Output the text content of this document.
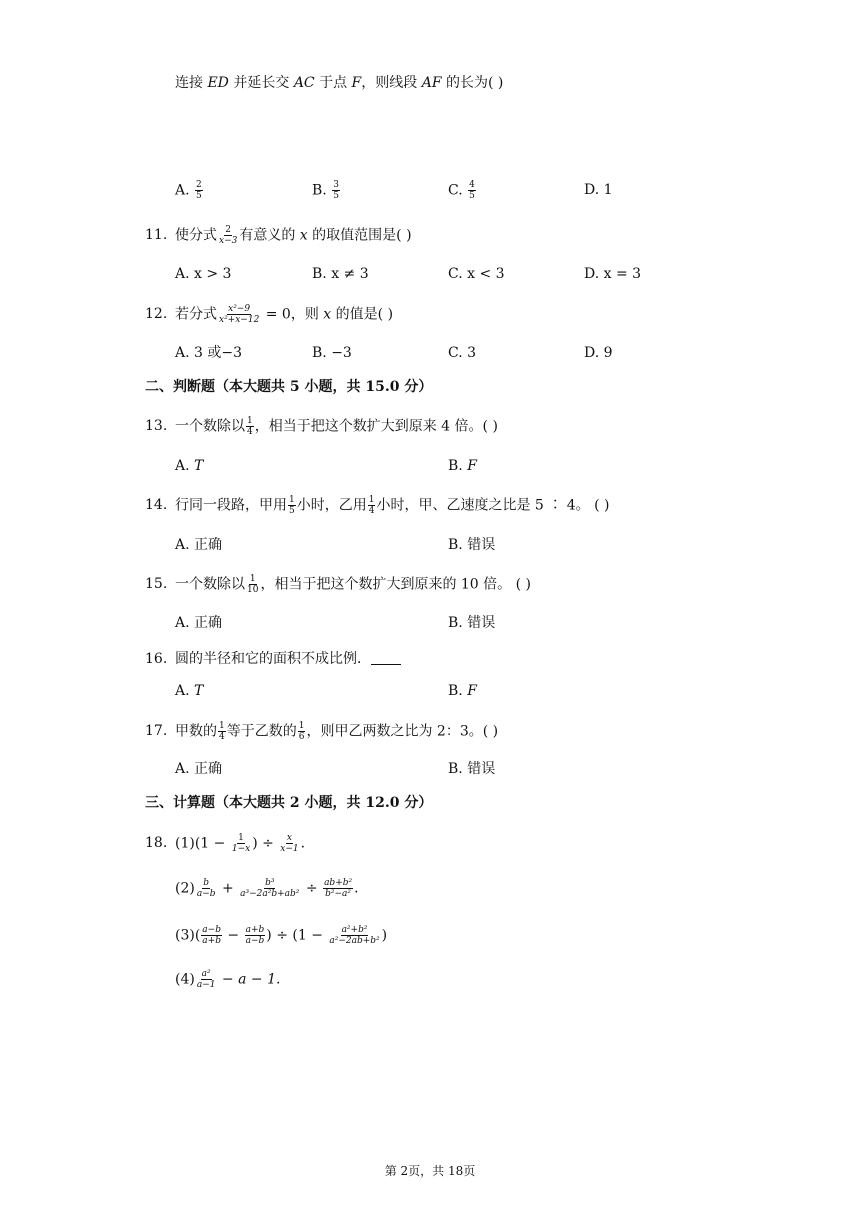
连接 ED 并延长交 AC 于点 F，则线段 AF 的长为( )
A. $\frac{2}{5}$	B. $\frac{3}{5}$	C. $\frac{4}{5}$	D. 1
11. 使分式 $\frac{2}{x-3}$ 有意义的 x 的取值范围是( )
A. x > 3	B. x ≠ 3	C. x < 3	D. x = 3
12. 若分式 $\frac{\text{x²−9}}{\text{x²+x−12}} = 0$，则 x 的值是( )
A. 3 或−3	B. −3	C. 3	D. 9
二、判断题（本大题共 5 小题，共 15.0 分）
13. 一个数除以 $\frac{1}{4}$ ，相当于把这个数扩大到原来 4 倍。( )
A. T	B. F
14. 行同一段路，甲用 $\frac{1}{5}$ 小时，乙用 $\frac{1}{4}$ 小时，甲、乙速度之比是 5 ∶ 4。 ( )
A. 正确	B. 错误
15. 一个数除以 $\frac{1}{10}$ ，相当于把这个数扩大到原来的 10 倍。 ( )
A. 正确	B. 错误
16. 圆的半径和它的面积不成比例．
A. T	B. F
17. 甲数的 $\frac{1}{4}$ 等于乙数的 $\frac{1}{6}$ ，则甲乙两数之比为 2：3。( )
A. 正确	B. 错误
三、计算题（本大题共 2 小题，共 12.0 分）
18. $(1)(1 - \frac{1}{1-x}$ ) ÷ $\frac{x}{x-1}$ .
$(2) \frac{b}{a-b} + \frac{\text{b³}}{\text{a³−2a²b+ab²}} \div \frac{\text{ab+b²}}{\text{b²−a²}}$ .
$(3)( \frac{a-b}{a+b} - \frac{a+b}{a-b}$ ) ÷ ($1 - \frac{\text{a²+b²}}{\text{a²−2ab+b²}}$ )
$(4) \frac{\text{a²}}{a-1} - a - 1$.
第 2页，共 18页
